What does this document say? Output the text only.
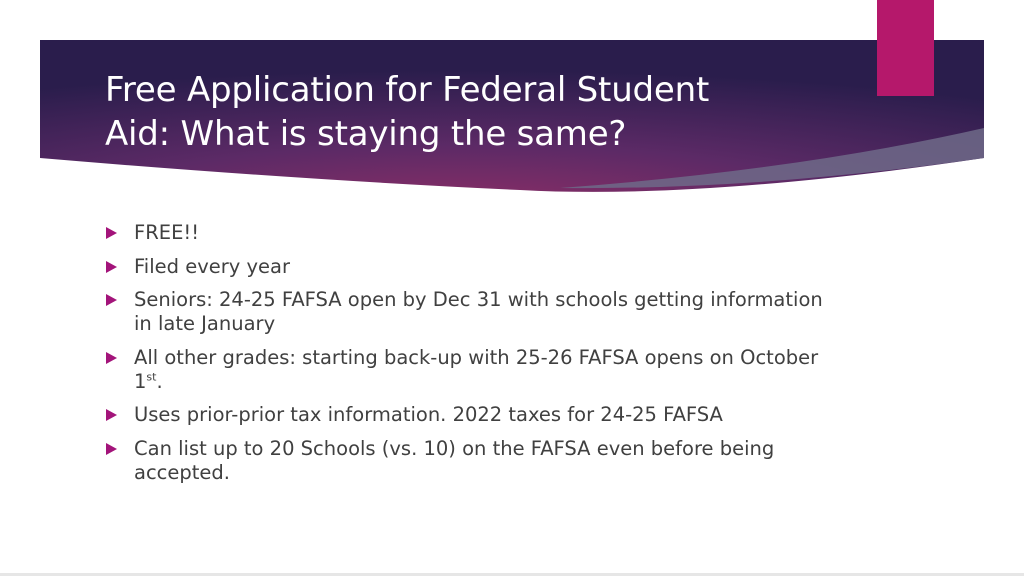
Free Application for Federal Student
Aid: What is staying the same?
FREE!!
Filed every year
Seniors: 24-25 FAFSA open by Dec 31 with schools getting information in late January
All other grades: starting back-up with 25-26 FAFSA opens on October 1st.
Uses prior-prior tax information. 2022 taxes for 24-25 FAFSA
Can list up to 20 Schools (vs. 10) on the FAFSA even before being accepted.
